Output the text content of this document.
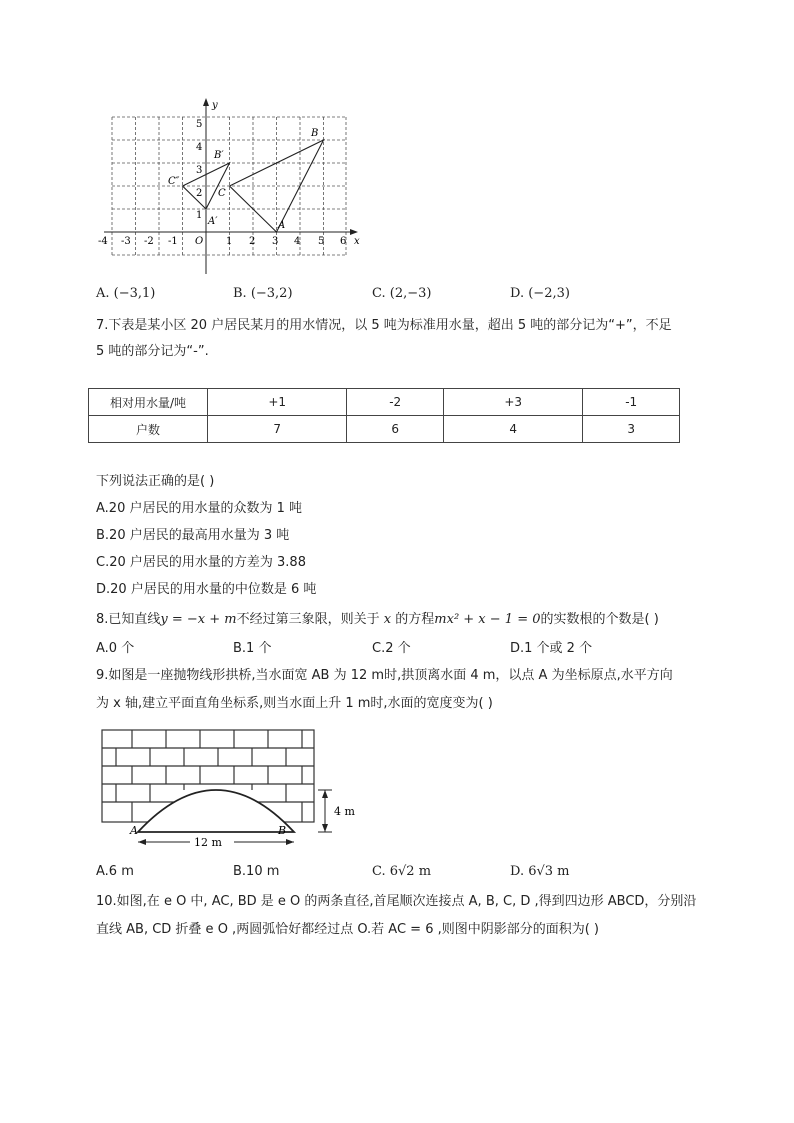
y
x
O
-4 -3 -2 -1	1 2 3 4 5 6
1
2
3
4
5
A
B
C
A′
B′
C″
A. (−3,1)	B. (−3,2)	C. (2,−3)	D. (−2,3)
7.下表是某小区 20 户居民某月的用水情况，以 5 吨为标准用水量，超出 5 吨的部分记为“+”，不足
5 吨的部分记为“-”.
相对用水量/吨	+1	-2	+3	-1
户数	7	6	4	3
下列说法正确的是( )
A.20 户居民的用水量的众数为 1 吨
B.20 户居民的最高用水量为 3 吨
C.20 户居民的用水量的方差为 3.88
D.20 户居民的用水量的中位数是 6 吨
8.已知直线y = −x + m不经过第三象限，则关于 x 的方程mx² + x − 1 = 0的实数根的个数是( )
A.0 个	B.1 个	C.2 个	D.1 个或 2 个
9.如图是一座抛物线形拱桥,当水面宽 AB 为 12 m时,拱顶离水面 4 m，以点 A 为坐标原点,水平方向
为 x 轴,建立平面直角坐标系,则当水面上升 1 m时,水面的宽度变为( )
A	B
12 m
4 m
A.6 m	B.10 m	C. 6√2 m	D. 6√3 m
10.如图,在 e O 中, AC, BD 是 e O 的两条直径,首尾顺次连接点 A, B, C, D ,得到四边形 ABCD，分别沿
直线 AB, CD 折叠 e O ,两圆弧恰好都经过点 O.若 AC = 6 ,则图中阴影部分的面积为( )
